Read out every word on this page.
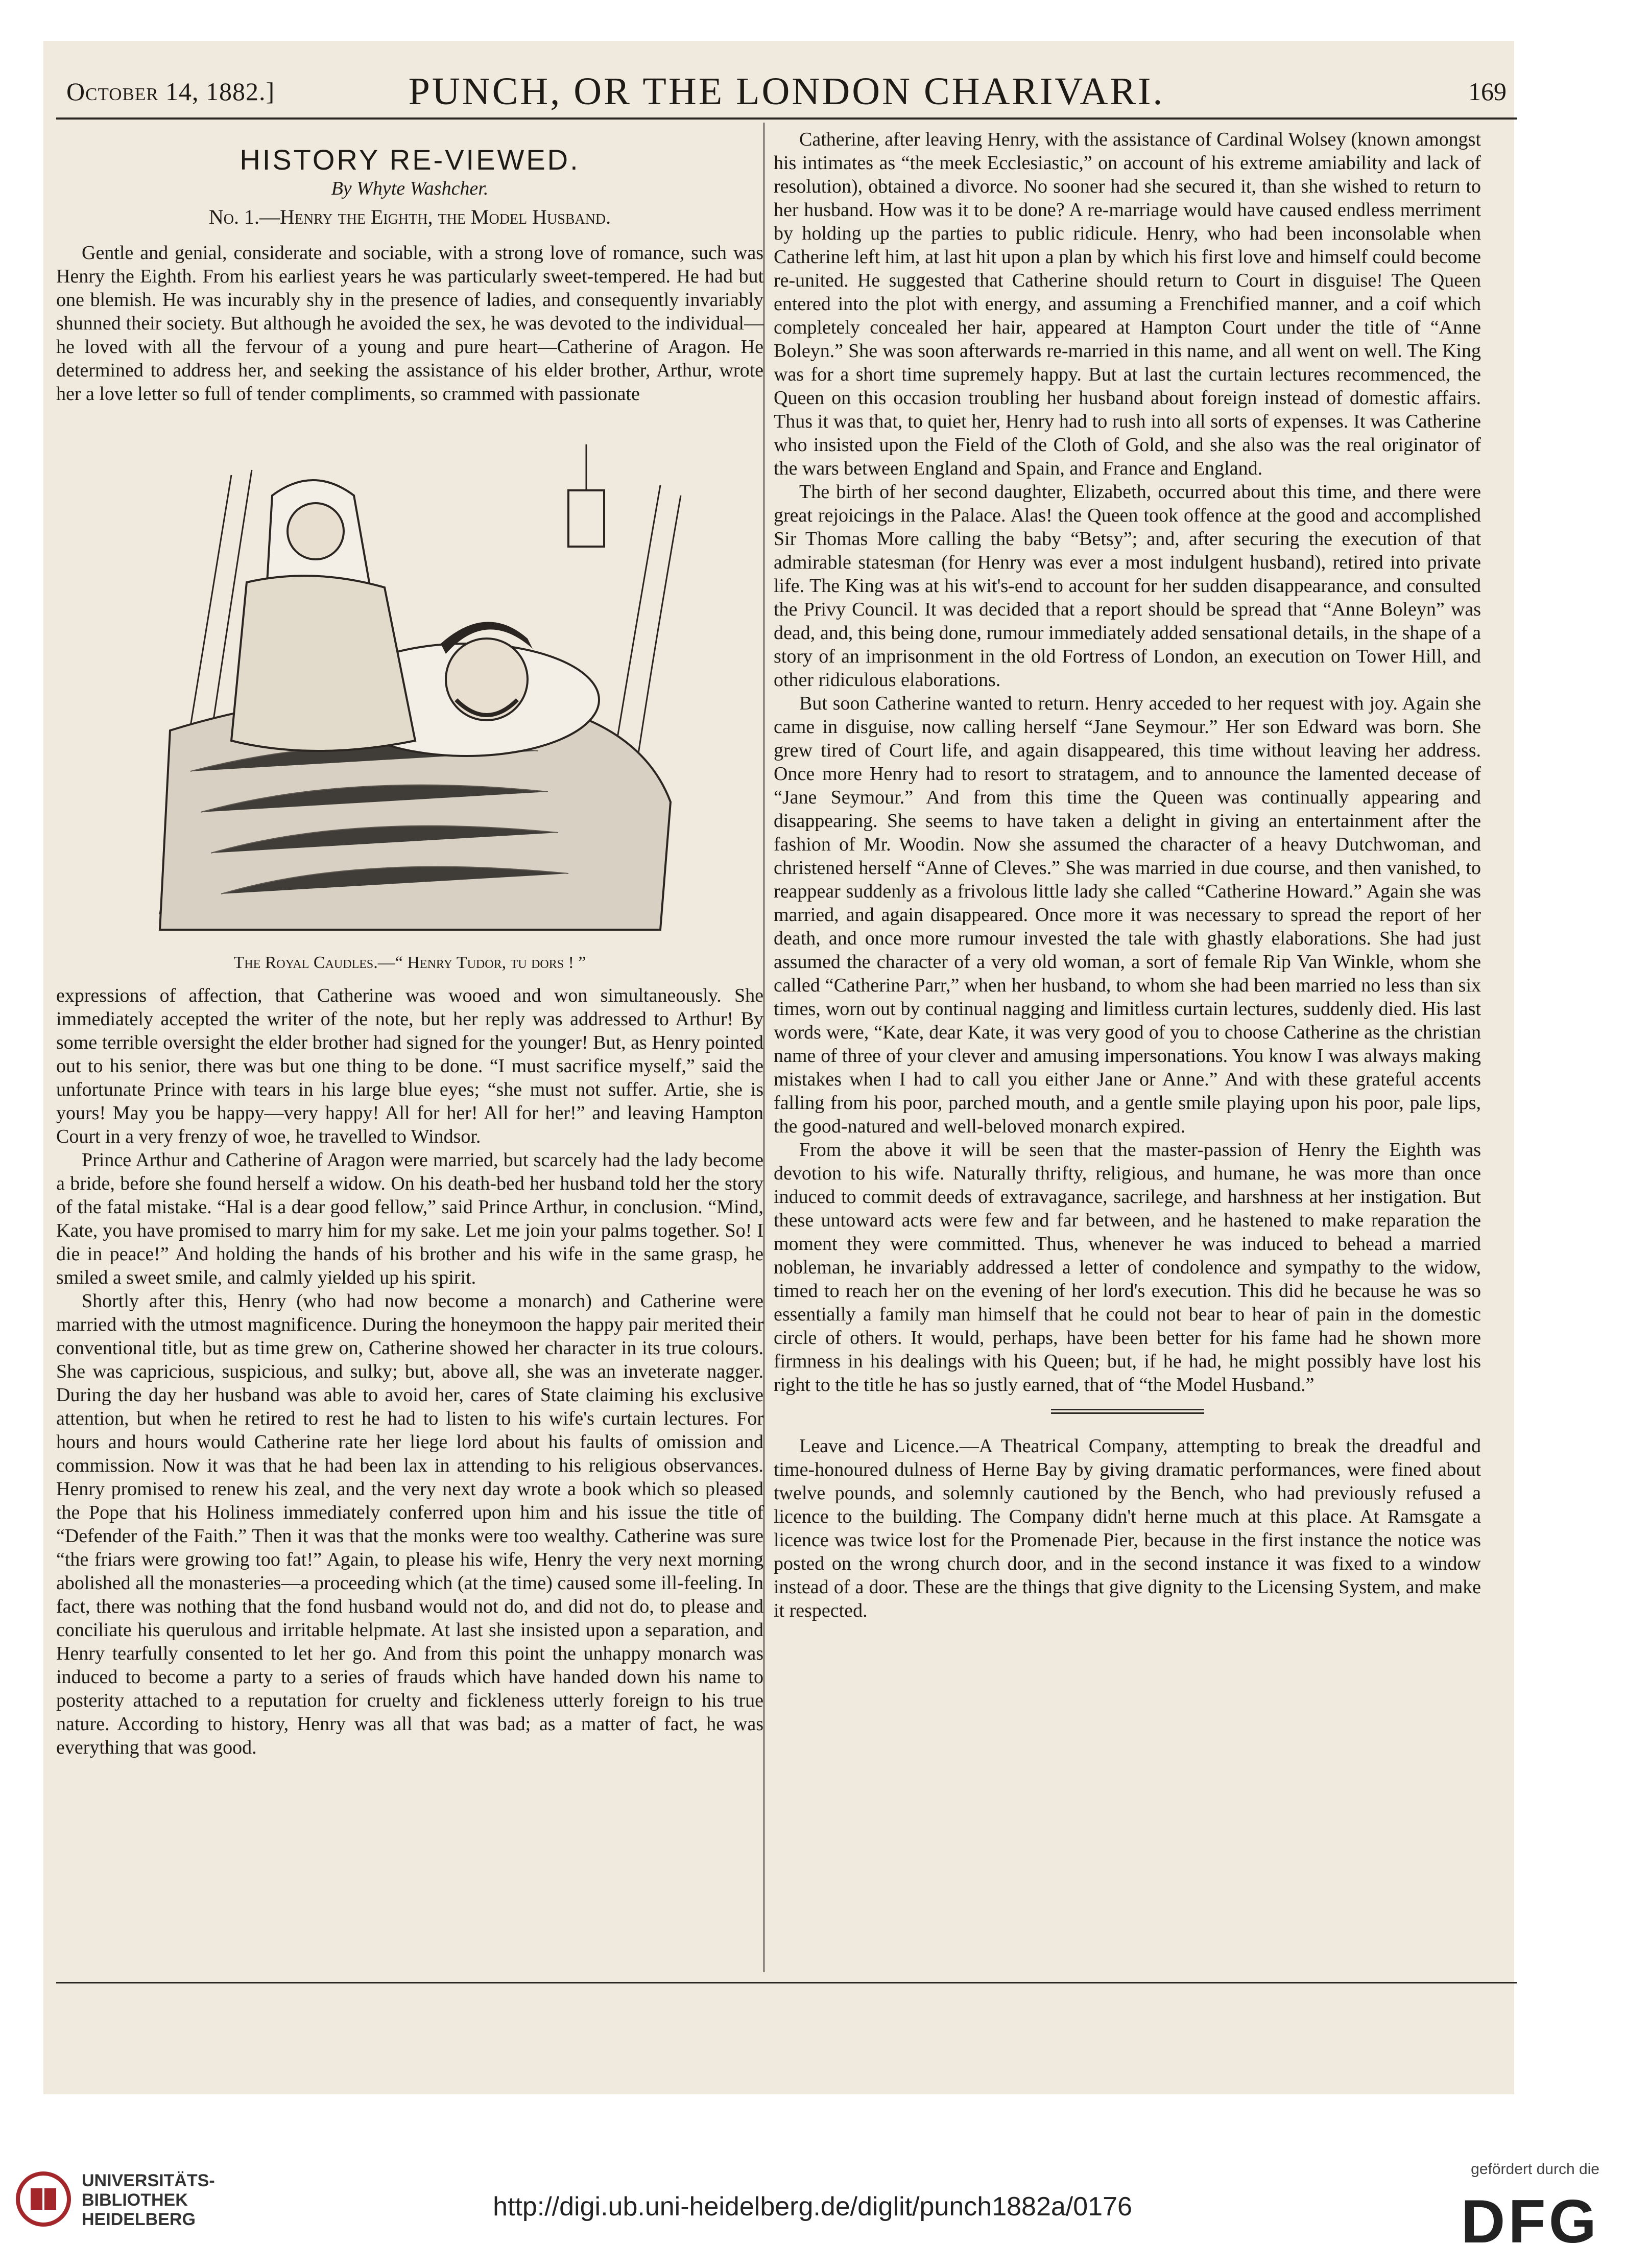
October 14, 1882.]	PUNCH, OR THE LONDON CHARIVARI.	169
HISTORY RE-VIEWED.
By Whyte Washcher.
No. 1.—Henry the Eighth, the Model Husband.

Gentle and genial, considerate and sociable, with a strong love of romance, such was Henry the Eighth. From his earliest years he was particularly sweet-tempered. He had but one blemish. He was incurably shy in the presence of ladies, and consequently invariably shunned their society. But although he avoided the sex, he was devoted to the individual—he loved with all the fervour of a young and pure heart—Catherine of Aragon. He determined to address her, and seeking the assistance of his elder brother, Arthur, wrote her a love letter so full of tender compliments, so crammed with passionate

The Royal Caudles.—“ Henry Tudor, tu dors ! ”

expressions of affection, that Catherine was wooed and won simultaneously. She immediately accepted the writer of the note, but her reply was addressed to Arthur! By some terrible oversight the elder brother had signed for the younger! But, as Henry pointed out to his senior, there was but one thing to be done. “I must sacrifice myself,” said the unfortunate Prince with tears in his large blue eyes; “she must not suffer. Artie, she is yours! May you be happy—very happy! All for her! All for her!” and leaving Hampton Court in a very frenzy of woe, he travelled to Windsor.

Prince Arthur and Catherine of Aragon were married, but scarcely had the lady become a bride, before she found herself a widow. On his death-bed her husband told her the story of the fatal mistake. “Hal is a dear good fellow,” said Prince Arthur, in conclusion. “Mind, Kate, you have promised to marry him for my sake. Let me join your palms together. So! I die in peace!” And holding the hands of his brother and his wife in the same grasp, he smiled a sweet smile, and calmly yielded up his spirit.

Shortly after this, Henry (who had now become a monarch) and Catherine were married with the utmost magnificence. During the honeymoon the happy pair merited their conventional title, but as time grew on, Catherine showed her character in its true colours. She was capricious, suspicious, and sulky; but, above all, she was an inveterate nagger. During the day her husband was able to avoid her, cares of State claiming his exclusive attention, but when he retired to rest he had to listen to his wife's curtain lectures. For hours and hours would Catherine rate her liege lord about his faults of omission and commission. Now it was that he had been lax in attending to his religious observances. Henry promised to renew his zeal, and the very next day wrote a book which so pleased the Pope that his Holiness immediately conferred upon him and his issue the title of “Defender of the Faith.” Then it was that the monks were too wealthy. Catherine was sure “the friars were growing too fat!” Again, to please his wife, Henry the very next morning abolished all the monasteries—a proceeding which (at the time) caused some ill-feeling. In fact, there was nothing that the fond husband would not do, and did not do, to please and conciliate his querulous and irritable helpmate. At last she insisted upon a separation, and Henry tearfully consented to let her go. And from this point the unhappy monarch was induced to become a party to a series of frauds which have handed down his name to posterity attached to a reputation for cruelty and fickleness utterly foreign to his true nature. According to history, Henry was all that was bad; as a matter of fact, he was everything that was good.

Catherine, after leaving Henry, with the assistance of Cardinal Wolsey (known amongst his intimates as “the meek Ecclesiastic,” on account of his extreme amiability and lack of resolution), obtained a divorce. No sooner had she secured it, than she wished to return to her husband. How was it to be done? A re-marriage would have caused endless merriment by holding up the parties to public ridicule. Henry, who had been inconsolable when Catherine left him, at last hit upon a plan by which his first love and himself could become re-united. He suggested that Catherine should return to Court in disguise! The Queen entered into the plot with energy, and assuming a Frenchified manner, and a coif which completely concealed her hair, appeared at Hampton Court under the title of “Anne Boleyn.” She was soon afterwards re-married in this name, and all went on well. The King was for a short time supremely happy. But at last the curtain lectures recommenced, the Queen on this occasion troubling her husband about foreign instead of domestic affairs. Thus it was that, to quiet her, Henry had to rush into all sorts of expenses. It was Catherine who insisted upon the Field of the Cloth of Gold, and she also was the real originator of the wars between England and Spain, and France and England.

The birth of her second daughter, Elizabeth, occurred about this time, and there were great rejoicings in the Palace. Alas! the Queen took offence at the good and accomplished Sir Thomas More calling the baby “Betsy”; and, after securing the execution of that admirable statesman (for Henry was ever a most indulgent husband), retired into private life. The King was at his wit's-end to account for her sudden disappearance, and consulted the Privy Council. It was decided that a report should be spread that “Anne Boleyn” was dead, and, this being done, rumour immediately added sensational details, in the shape of a story of an imprisonment in the old Fortress of London, an execution on Tower Hill, and other ridiculous elaborations.

But soon Catherine wanted to return. Henry acceded to her request with joy. Again she came in disguise, now calling herself “Jane Seymour.” Her son Edward was born. She grew tired of Court life, and again disappeared, this time without leaving her address. Once more Henry had to resort to stratagem, and to announce the lamented decease of “Jane Seymour.” And from this time the Queen was continually appearing and disappearing. She seems to have taken a delight in giving an entertainment after the fashion of Mr. Woodin. Now she assumed the character of a heavy Dutchwoman, and christened herself “Anne of Cleves.” She was married in due course, and then vanished, to reappear suddenly as a frivolous little lady she called “Catherine Howard.” Again she was married, and again disappeared. Once more it was necessary to spread the report of her death, and once more rumour invested the tale with ghastly elaborations. She had just assumed the character of a very old woman, a sort of female Rip Van Winkle, whom she called “Catherine Parr,” when her husband, to whom she had been married no less than six times, worn out by continual nagging and limitless curtain lectures, suddenly died. His last words were, “Kate, dear Kate, it was very good of you to choose Catherine as the christian name of three of your clever and amusing impersonations. You know I was always making mistakes when I had to call you either Jane or Anne.” And with these grateful accents falling from his poor, parched mouth, and a gentle smile playing upon his poor, pale lips, the good-natured and well-beloved monarch expired.

From the above it will be seen that the master-passion of Henry the Eighth was devotion to his wife. Naturally thrifty, religious, and humane, he was more than once induced to commit deeds of extravagance, sacrilege, and harshness at her instigation. But these untoward acts were few and far between, and he hastened to make reparation the moment they were committed. Thus, whenever he was induced to behead a married nobleman, he invariably addressed a letter of condolence and sympathy to the widow, timed to reach her on the evening of her lord's execution. This did he because he was so essentially a family man himself that he could not bear to hear of pain in the domestic circle of others. It would, perhaps, have been better for his fame had he shown more firmness in his dealings with his Queen; but, if he had, he might possibly have lost his right to the title he has so justly earned, that of “the Model Husband.”

Leave and Licence.—A Theatrical Company, attempting to break the dreadful and time-honoured dulness of Herne Bay by giving dramatic performances, were fined about twelve pounds, and solemnly cautioned by the Bench, who had previously refused a licence to the building. The Company didn't herne much at this place. At Ramsgate a licence was twice lost for the Promenade Pier, because in the first instance the notice was posted on the wrong church door, and in the second instance it was fixed to a window instead of a door. These are the things that give dignity to the Licensing System, and make it respected.

UNIVERSITÄTS-
BIBLIOTHEK
HEIDELBERG	http://digi.ub.uni-heidelberg.de/diglit/punch1882a/0176
gefördert durch die
DFG
